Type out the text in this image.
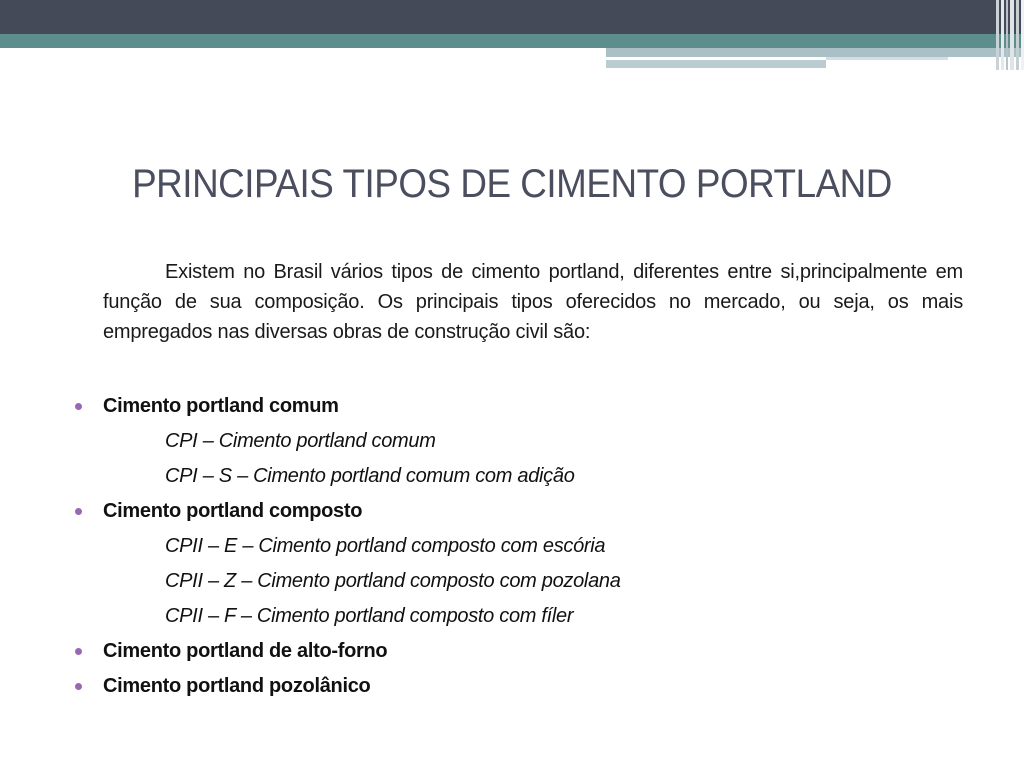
PRINCIPAIS TIPOS DE CIMENTO PORTLAND
Existem no Brasil vários tipos de cimento portland, diferentes entre si,principalmente em função de sua composição. Os principais tipos oferecidos no mercado, ou seja, os mais empregados nas diversas obras de construção civil são:
Cimento portland comum
CPI – Cimento portland comum
CPI – S – Cimento portland comum com adição
Cimento portland composto
CPII – E – Cimento portland composto com escória
CPII – Z – Cimento portland composto com pozolana
CPII – F – Cimento portland composto com fíler
Cimento portland de alto-forno
Cimento portland pozolânico
